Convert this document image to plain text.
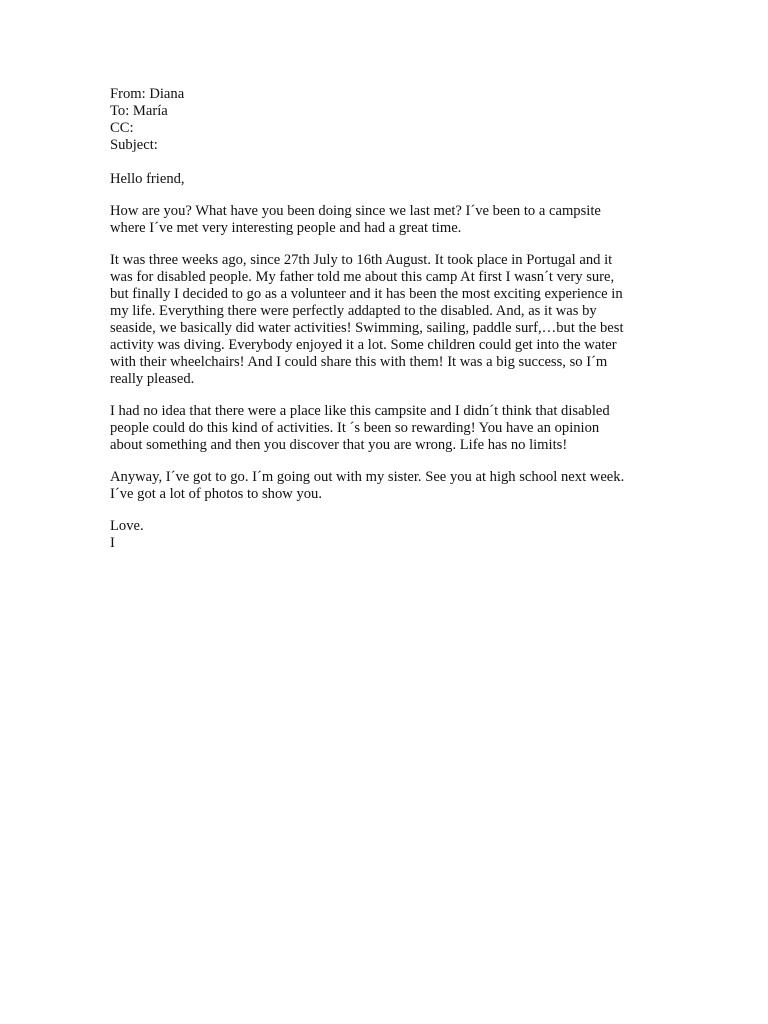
From: Diana
To: María
CC:
Subject:
Hello friend,
How are you? What have you been doing since we last met? I´ve been to a campsite
where I´ve met very interesting people and had a great time.
It was three weeks ago, since 27th July to 16th August. It took place in Portugal and it
was for disabled people. My father told me about this camp At first I wasn´t very sure,
but finally I decided to go as a volunteer and it has been the most exciting experience in
my life. Everything there were perfectly addapted to the disabled. And, as it was by
seaside, we basically did water activities! Swimming, sailing, paddle surf,…but the best
activity was diving. Everybody enjoyed it a lot. Some children could get into the water
with their wheelchairs! And I could share this with them! It was a big success, so I´m
really pleased.
I had no idea that there were a place like this campsite and I didn´t think that disabled
people could do this kind of activities. It ´s been so rewarding! You have an opinion
about something and then you discover that you are wrong. Life has no limits!
Anyway, I´ve got to go. I´m going out with my sister. See you at high school next week.
I´ve got a lot of photos to show you.
Love.
I
